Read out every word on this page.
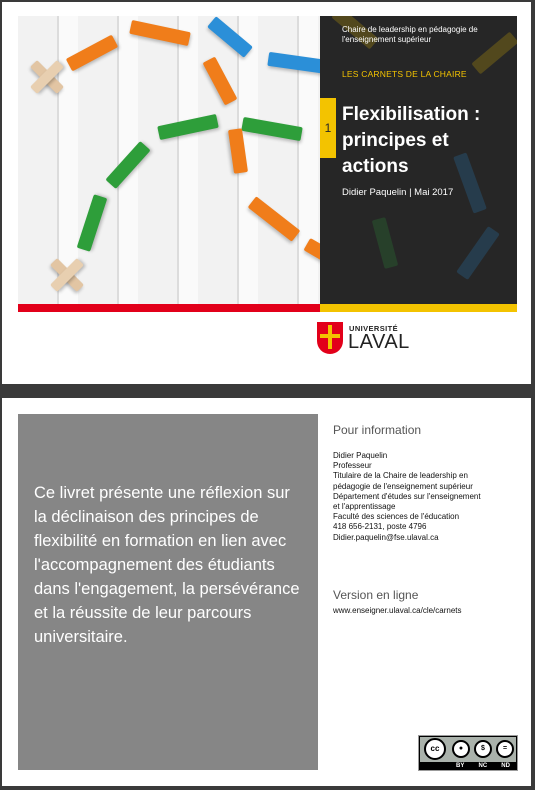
Chaire de leadership en pédagogie de l'enseignement supérieur
LES CARNETS DE LA CHAIRE
1
Flexibilisation :
principes et actions
Didier Paquelin | Mai 2017
UNIVERSITÉ
LAVAL
Ce livret présente une réflexion sur la déclinaison des principes de flexibilité en formation en lien avec l'accompagnement des étudiants dans l'engagement, la persévérance et la réussite de leur parcours universitaire.
Pour information
Didier Paquelin
Professeur
Titulaire de la Chaire de leadership en
pédagogie de l'enseignement supérieur
Département d'études sur l'enseignement
et l'apprentissage
Faculté des sciences de l'éducation
418 656-2131, poste 4796
Didier.paquelin@fse.ulaval.ca
Version en ligne
www.enseigner.ulaval.ca/cle/carnets
cc	●	$	=
BY NC ND
